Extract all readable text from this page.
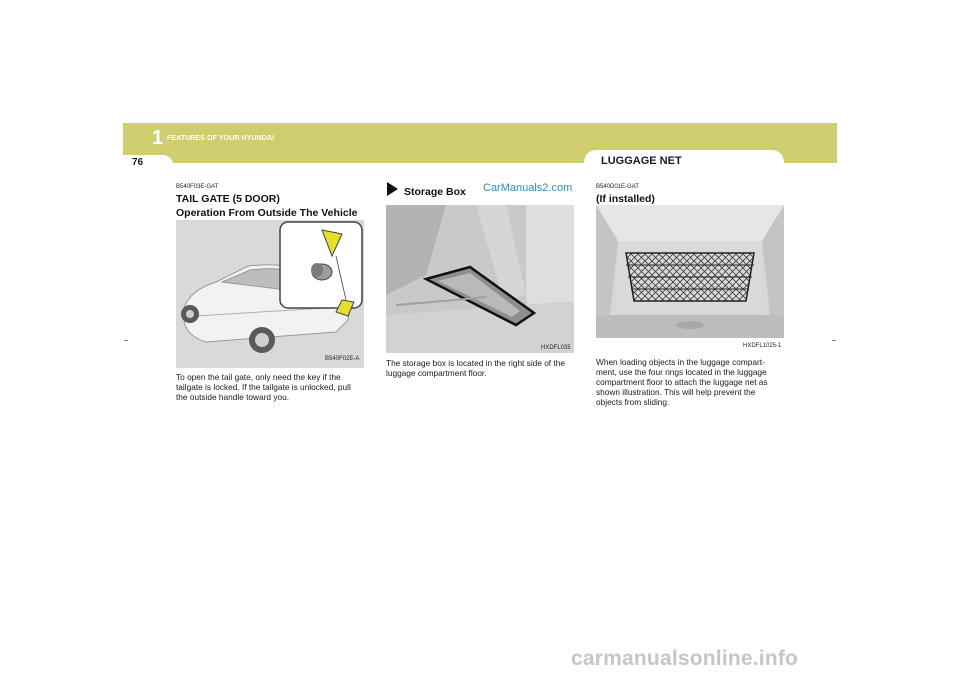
1 FEATURES OF YOUR HYUNDAI
76	LUGGAGE NET
B540F03E-GAT
TAIL GATE (5 DOOR)
Operation From Outside The Vehicle
B540F02E-A
To open the tail gate, only need the key if the
tailgate is locked. If the tailgate is unlocked, pull
the outside handle toward you.
Storage Box CarManuals2.com
HXDFL035
The storage box is located in the right side of the
luggage compartment floor.
B540D01E-GAT
(If installed)
HXDFL1025-1
When loading objects in the luggage compart-
ment, use the four rings located in the luggage
compartment floor to attach the luggage net as
shown illustration. This will help prevent the
objects from sliding.
carmanualsonline.info
